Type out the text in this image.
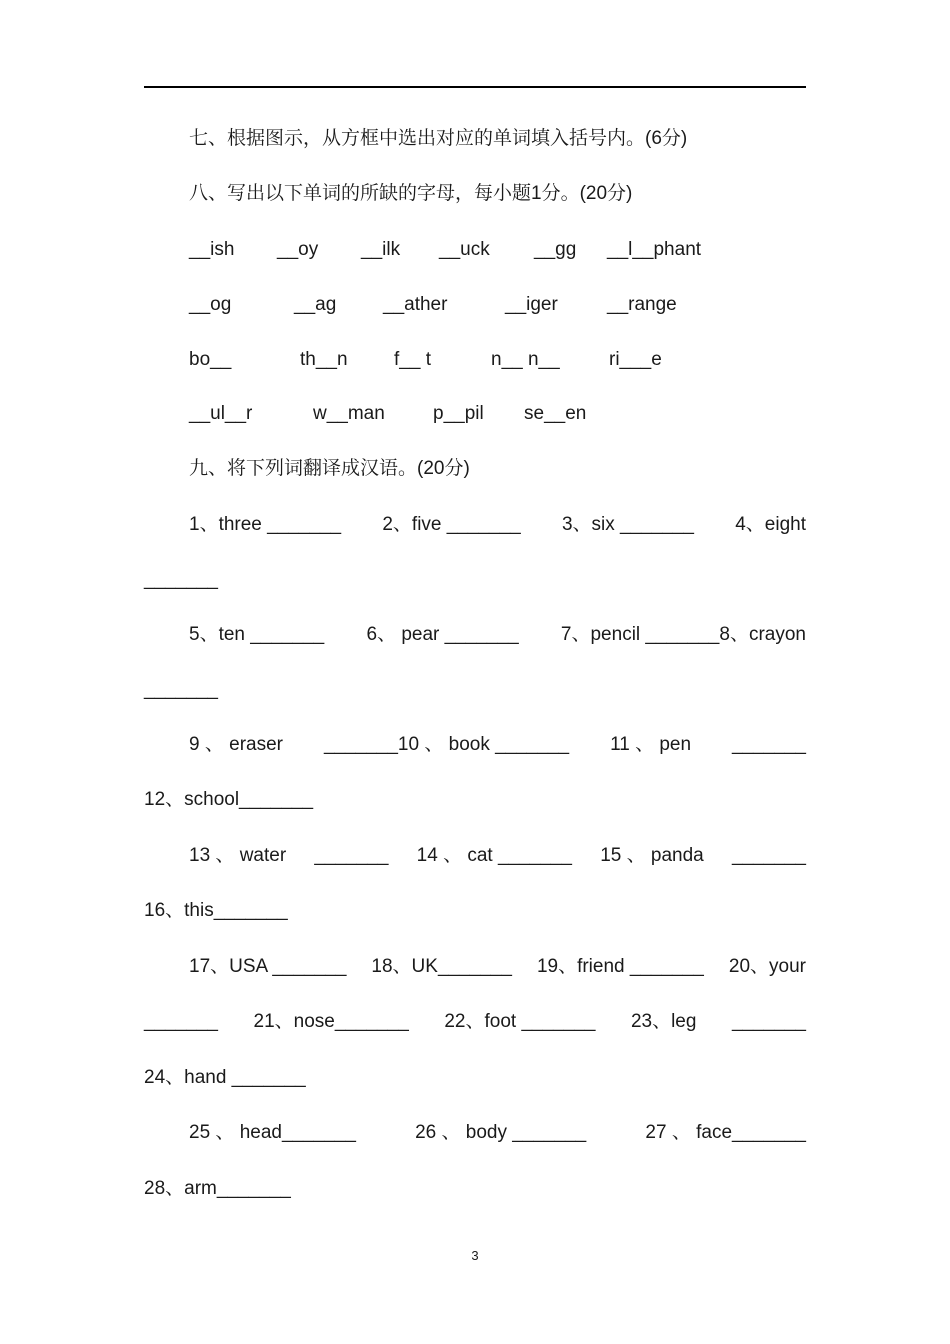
七、根据图示，从方框中选出对应的单词填入括号内。(6分)
八、写出以下单词的所缺的字母，每小题1分。(20分)
__ish __oy __ilk __uck __gg __l__phant
__og	__ag __ather	__iger	__range
bo__	th__n f__ t	n__ n__	ri___e
__ul__r	w__man	p__pil se__en
九、将下列词翻译成汉语。(20分)
1、three _______ 2、five _______ 3、six _______ 4、eight
_______
5、ten _______ 6、 pear _______ 7、pencil _______8、crayon
_______
9 、 eraser _______10 、 book _______ 11 、 pen _______
12、school_______
13 、 water _______ 14 、 cat _______ 15 、 panda _______
16、this_______
17、USA _______ 18、UK_______ 19、friend _______ 20、your
_______ 21、nose_______ 22、foot _______ 23、leg _______
24、hand _______
25 、 head_______	26 、 body _______	27 、 face_______
28、arm_______
3
